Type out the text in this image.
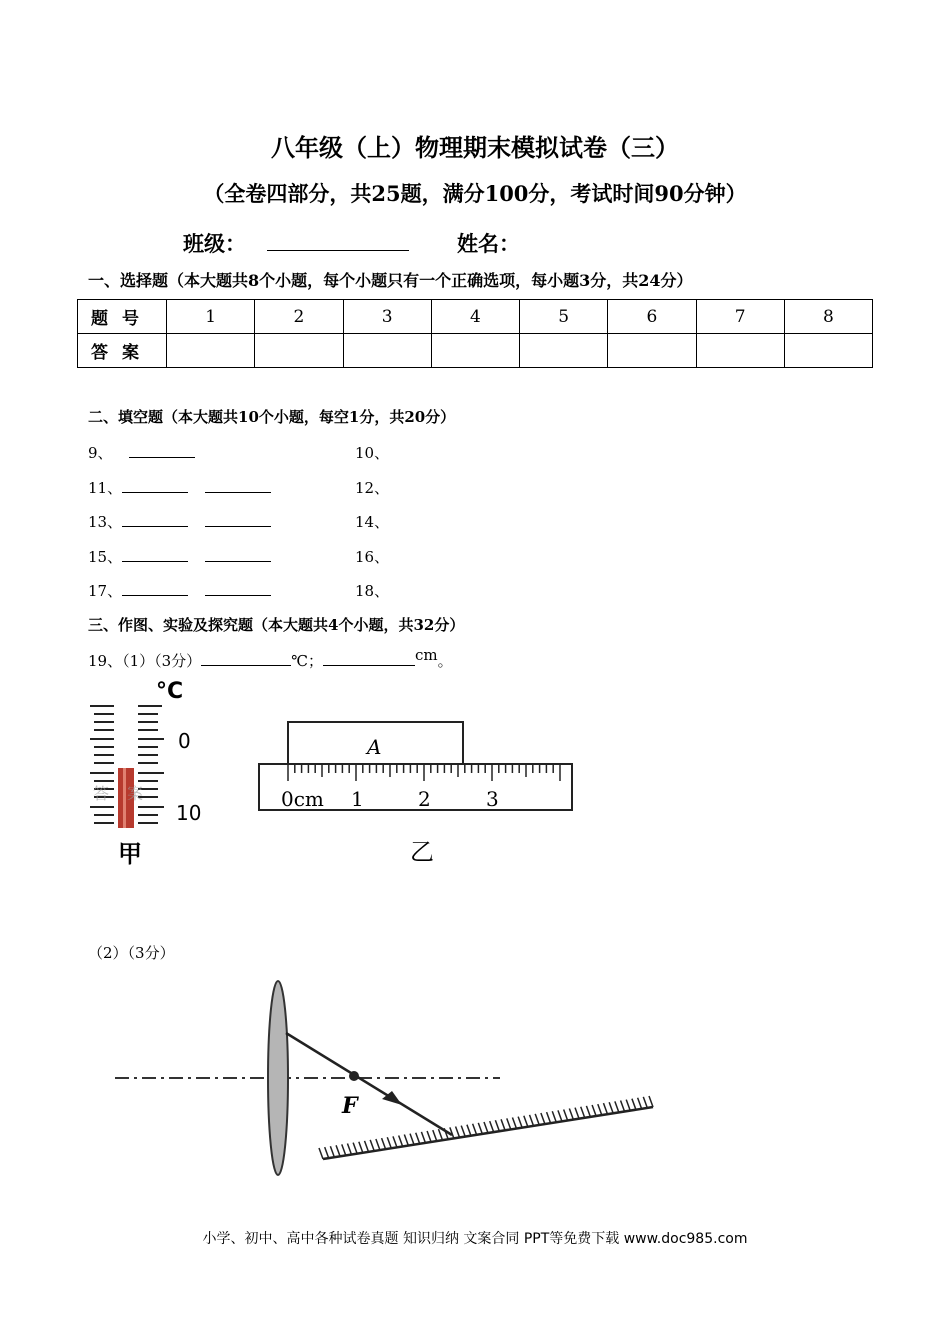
八年级（上）物理期末模拟试卷（三）
（全卷四部分，共25题，满分100分，考试时间90分钟）
班级：	姓名：
一、选择题（本大题共8个小题，每个小题只有一个正确选项，每小题3分，共24分）
题号	1	2	3	4	5	6	7	8
答案								
二、填空题（本大题共10个小题，每空1分，共20分）
9、	10、
11、	12、
13、	14、
15、	16、
17、	18、
三、作图、实验及探究题（本大题共4个小题，共32分）
19、（1）（3分）	℃；	cm。
°C
0
10
答案
甲
A
0cm 1	2	3
乙
（2）（3分）
F
小学、初中、高中各种试卷真题 知识归纳 文案合同 PPT等免费下载 www.doc985.com
